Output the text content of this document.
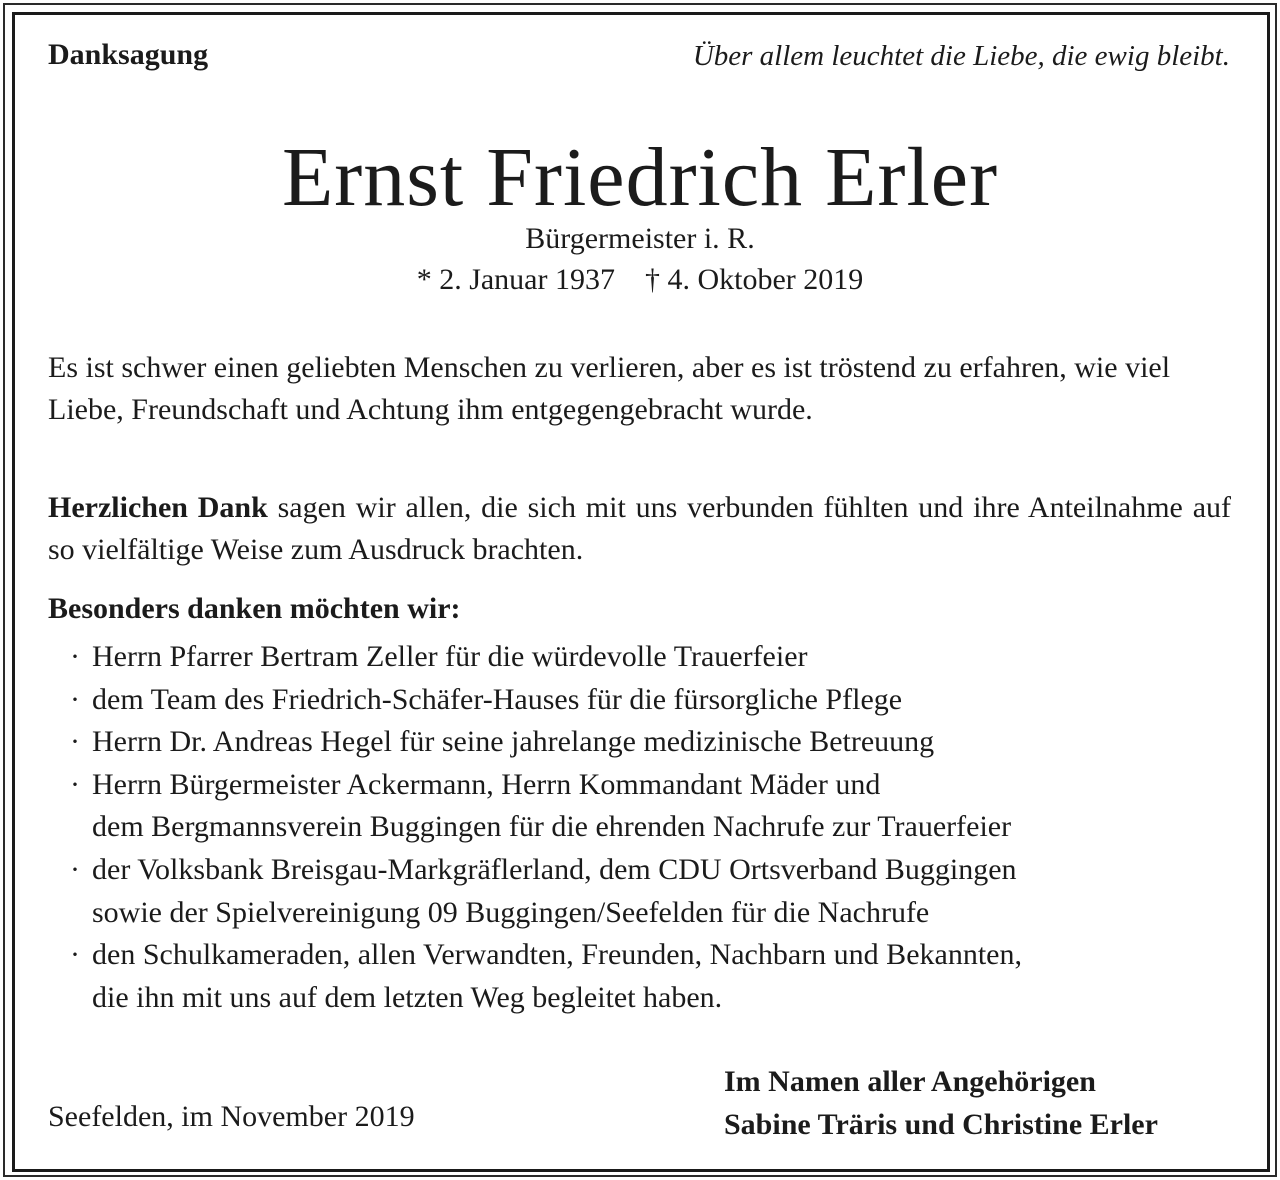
Danksagung	Über allem leuchtet die Liebe, die ewig bleibt.
Ernst Friedrich Erler
Bürgermeister i. R.
* 2. Januar 1937    † 4. Oktober 2019
Es ist schwer einen geliebten Menschen zu verlieren, aber es ist tröstend zu erfahren, wie viel Liebe, Freundschaft und Achtung ihm entgegengebracht wurde.
Herzlichen Dank sagen wir allen, die sich mit uns verbunden fühlten und ihre Anteilnahme auf so vielfältige Weise zum Ausdruck brachten.
Besonders danken möchten wir:
· Herrn Pfarrer Bertram Zeller für die würdevolle Trauerfeier
· dem Team des Friedrich-Schäfer-Hauses für die fürsorgliche Pflege
· Herrn Dr. Andreas Hegel für seine jahrelange medizinische Betreuung
· Herrn Bürgermeister Ackermann, Herrn Kommandant Mäder und
dem Bergmannsverein Buggingen für die ehrenden Nachrufe zur Trauerfeier
· der Volksbank Breisgau-Markgräflerland, dem CDU Ortsverband Buggingen
sowie der Spielvereinigung 09 Buggingen/Seefelden für die Nachrufe
· den Schulkameraden, allen Verwandten, Freunden, Nachbarn und Bekannten,
die ihn mit uns auf dem letzten Weg begleitet haben.
Im Namen aller Angehörigen
Sabine Träris und Christine Erler
Seefelden, im November 2019
